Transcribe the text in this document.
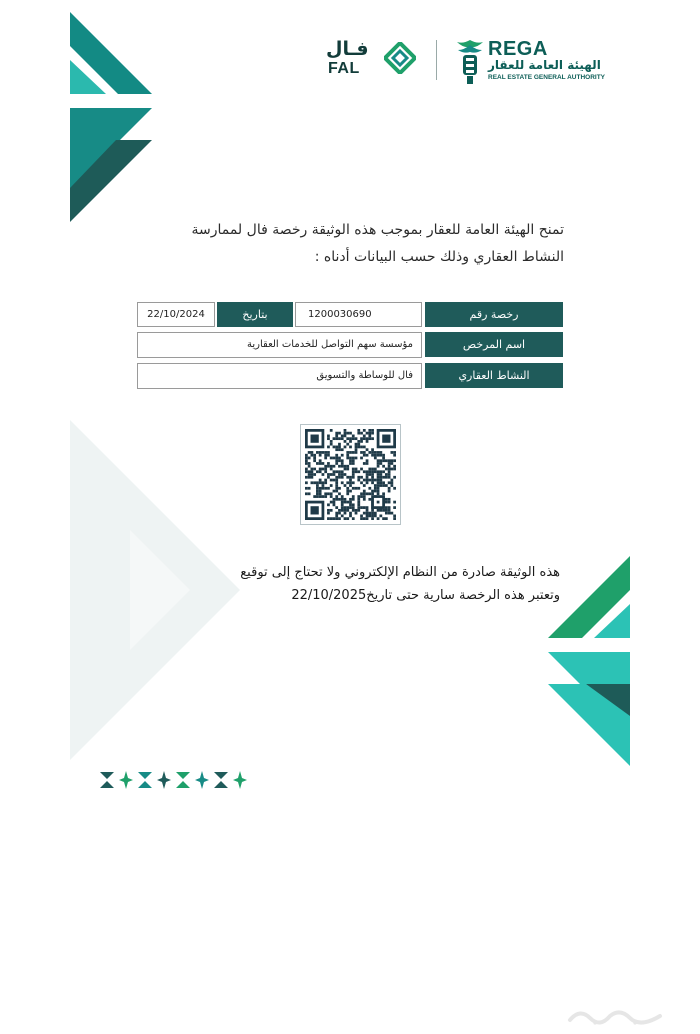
REGA
الهيئة العامة للعقار
REAL ESTATE GENERAL AUTHORITY
فـال
FAL
تمنح الهيئة العامة للعقار بموجب هذه الوثيقة رخصة فال لممارسة
النشاط العقاري وذلك حسب البيانات أدناه :
رخصة رقم
1200030690
بتاريخ
22/10/2024
اسم المرخص
مؤسسة سهم التواصل للخدمات العقارية
النشاط العقاري
فال للوساطة والتسويق
هذه الوثيقة صادرة من النظام الإلكتروني ولا تحتاج إلى توقيع
وتعتبر هذه الرخصة سارية حتى تاريخ22/10/2025
